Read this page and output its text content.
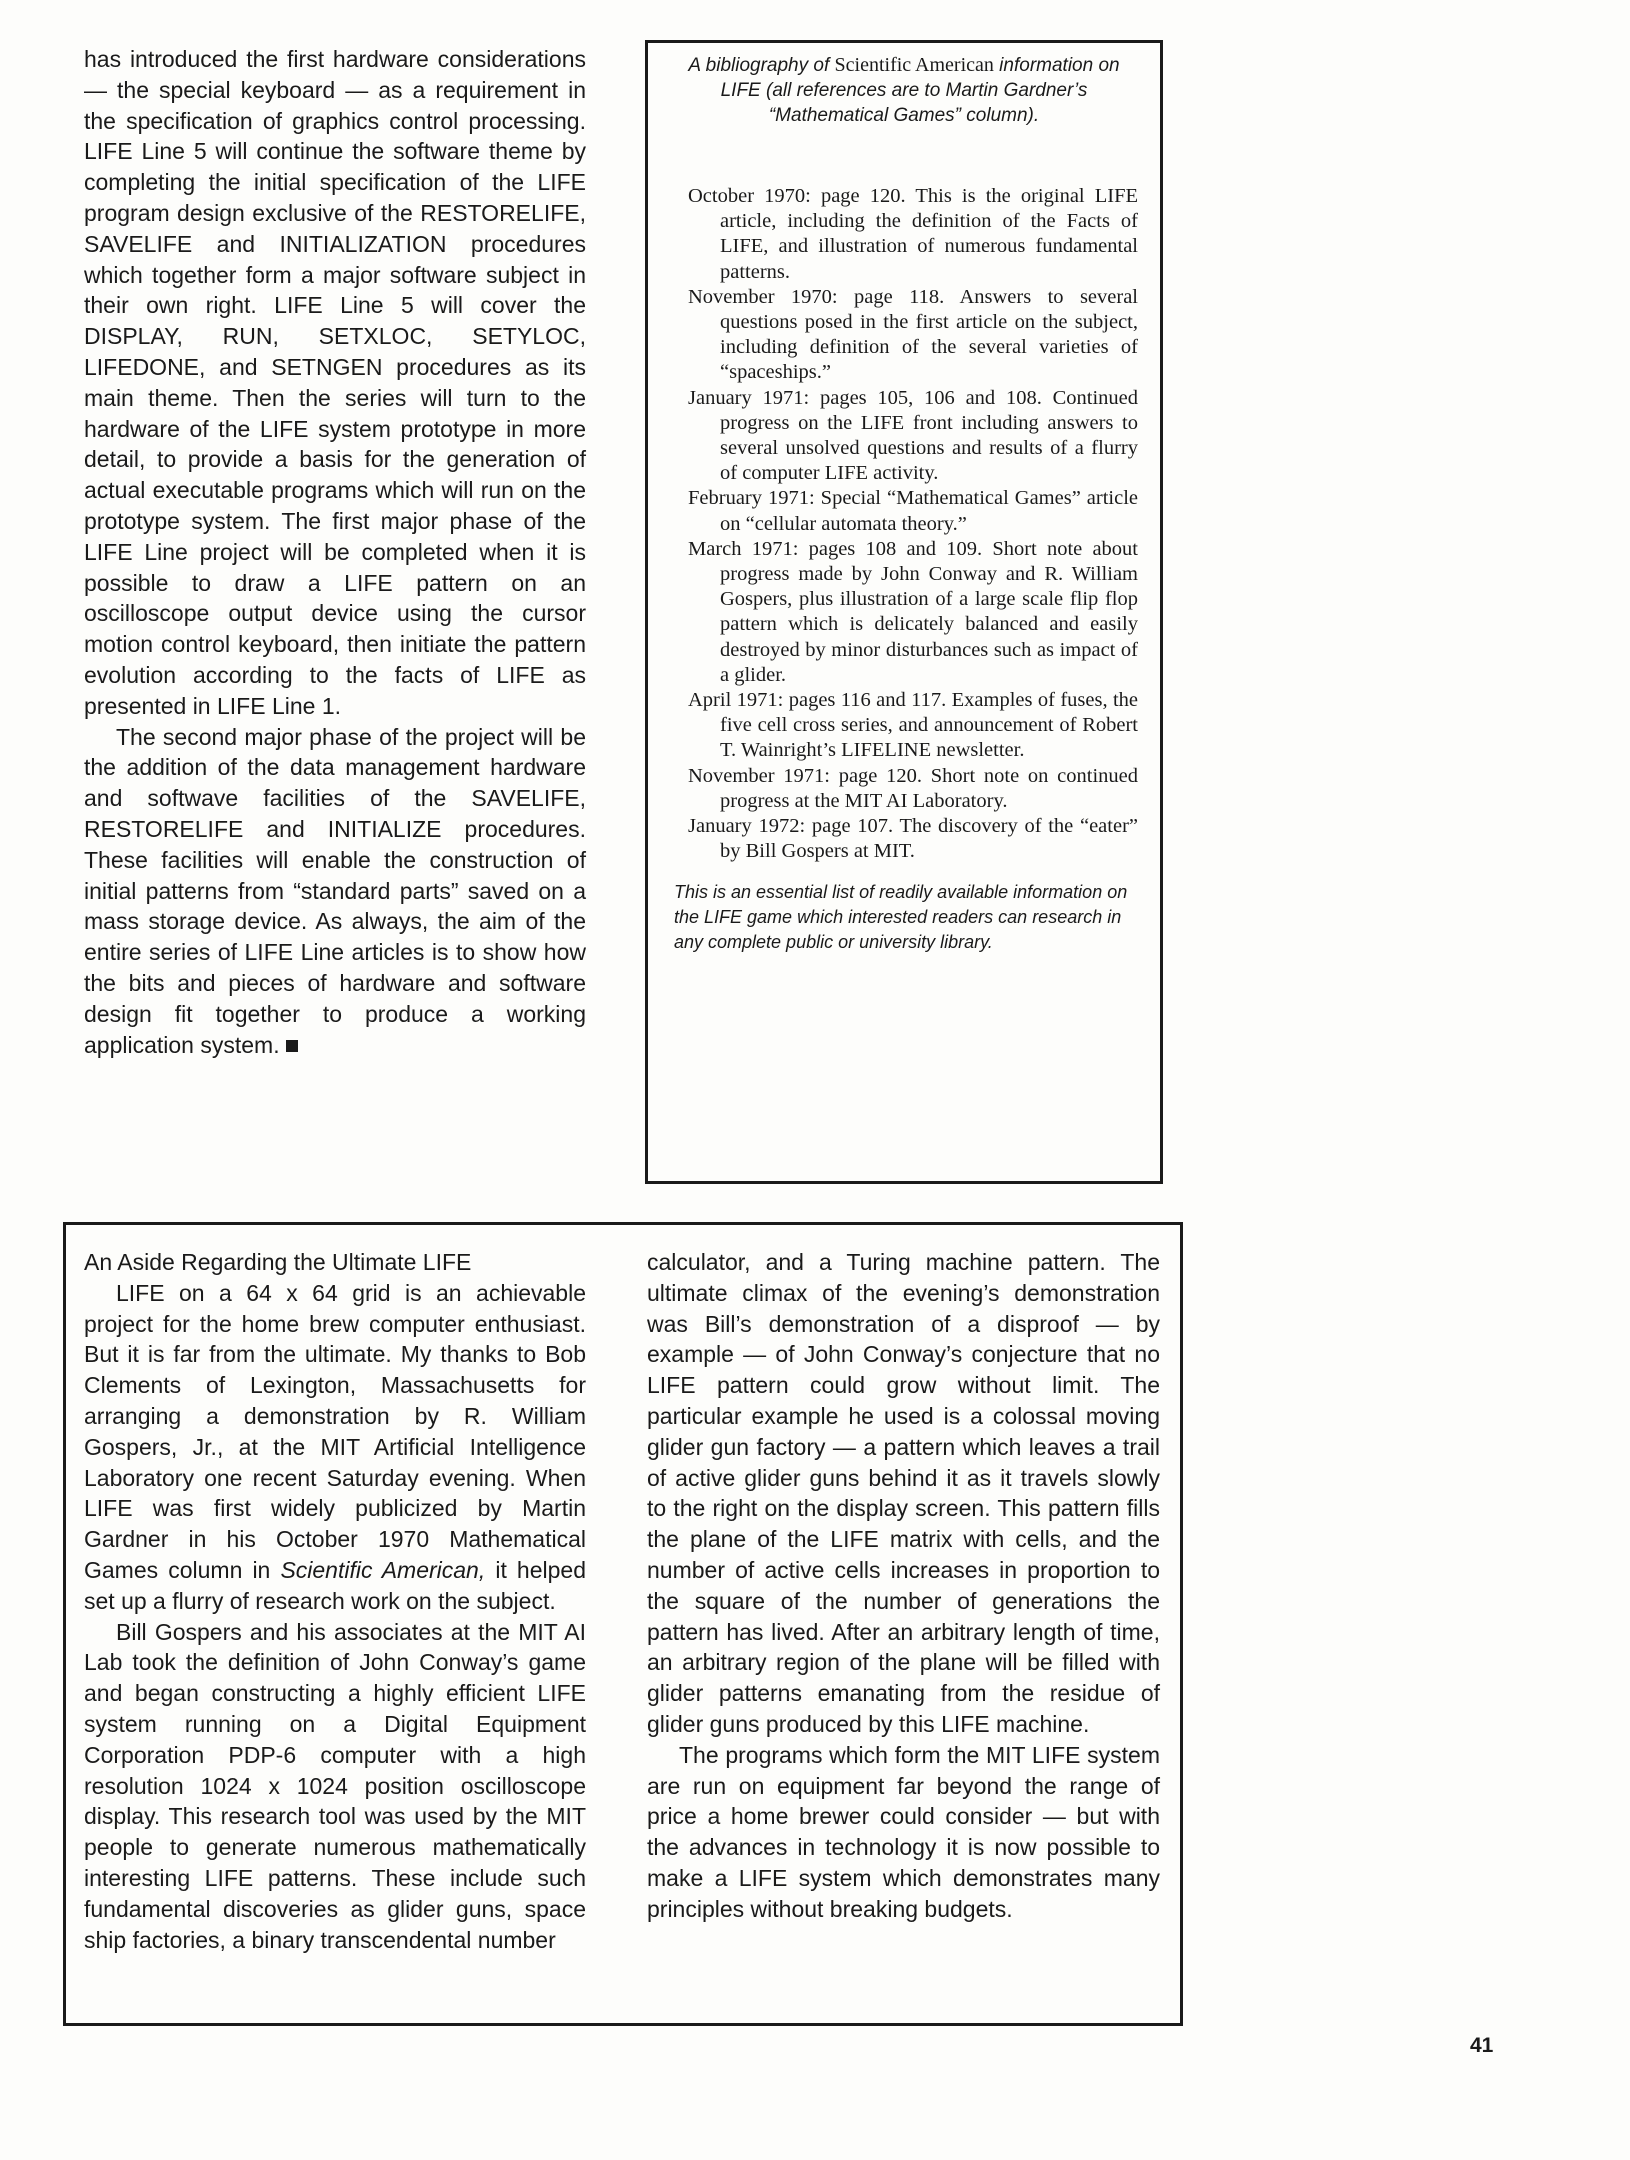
has introduced the first hardware considerations — the special keyboard — as a requirement in the specification of graphics control processing. LIFE Line 5 will continue the software theme by completing the initial specification of the LIFE program design exclusive of the RESTORELIFE, SAVELIFE and INITIALIZATION procedures which together form a major software subject in their own right. LIFE Line 5 will cover the DISPLAY, RUN, SETXLOC, SETYLOC, LIFEDONE, and SETNGEN procedures as its main theme. Then the series will turn to the hardware of the LIFE system prototype in more detail, to provide a basis for the generation of actual executable programs which will run on the prototype system. The first major phase of the LIFE Line project will be completed when it is possible to draw a LIFE pattern on an oscilloscope output device using the cursor motion control keyboard, then initiate the pattern evolution according to the facts of LIFE as presented in LIFE Line 1.

The second major phase of the project will be the addition of the data management hardware and softwave facilities of the SAVELIFE, RESTORELIFE and INITIALIZE procedures. These facilities will enable the construction of initial patterns from “standard parts” saved on a mass storage device. As always, the aim of the entire series of LIFE Line articles is to show how the bits and pieces of hardware and software design fit together to produce a working application system.

A bibliography of Scientific American information on LIFE (all references are to Martin Gardner’s “Mathematical Games” column).

October 1970: page 120. This is the original LIFE article, including the definition of the Facts of LIFE, and illustration of numerous fundamental patterns.

November 1970: page 118. Answers to several questions posed in the first article on the subject, including definition of the several varieties of “spaceships.”

January 1971: pages 105, 106 and 108. Continued progress on the LIFE front including answers to several unsolved questions and results of a flurry of computer LIFE activity.

February 1971: Special “Mathematical Games” article on “cellular automata theory.”

March 1971: pages 108 and 109. Short note about progress made by John Conway and R. William Gospers, plus illustration of a large scale flip flop pattern which is delicately balanced and easily destroyed by minor disturbances such as impact of a glider.

April 1971: pages 116 and 117. Examples of fuses, the five cell cross series, and announcement of Robert T. Wainright’s LIFELINE newsletter.

November 1971: page 120. Short note on continued progress at the MIT AI Laboratory.

January 1972: page 107. The discovery of the “eater” by Bill Gospers at MIT.

This is an essential list of readily available information on the LIFE game which interested readers can research in any complete public or university library.

An Aside Regarding the Ultimate LIFE

LIFE on a 64 x 64 grid is an achievable project for the home brew computer enthusiast. But it is far from the ultimate. My thanks to Bob Clements of Lexington, Massachusetts for arranging a demonstration by R. William Gospers, Jr., at the MIT Artificial Intelligence Laboratory one recent Saturday evening. When LIFE was first widely publicized by Martin Gardner in his October 1970 Mathematical Games column in Scientific American, it helped set up a flurry of research work on the subject.

Bill Gospers and his associates at the MIT AI Lab took the definition of John Conway’s game and began constructing a highly efficient LIFE system running on a Digital Equipment Corporation PDP-6 computer with a high resolution 1024 x 1024 position oscilloscope display. This research tool was used by the MIT people to generate numerous mathematically interesting LIFE patterns. These include such fundamental discoveries as glider guns, space ship factories, a binary transcendental number

calculator, and a Turing machine pattern. The ultimate climax of the evening’s demonstration was Bill’s demonstration of a disproof — by example — of John Conway’s conjecture that no LIFE pattern could grow without limit. The particular example he used is a colossal moving glider gun factory — a pattern which leaves a trail of active glider guns behind it as it travels slowly to the right on the display screen. This pattern fills the plane of the LIFE matrix with cells, and the number of active cells increases in proportion to the square of the number of generations the pattern has lived. After an arbitrary length of time, an arbitrary region of the plane will be filled with glider patterns emanating from the residue of glider guns produced by this LIFE machine.

The programs which form the MIT LIFE system are run on equipment far beyond the range of price a home brewer could consider — but with the advances in technology it is now possible to make a LIFE system which demonstrates many principles without breaking budgets.

41
